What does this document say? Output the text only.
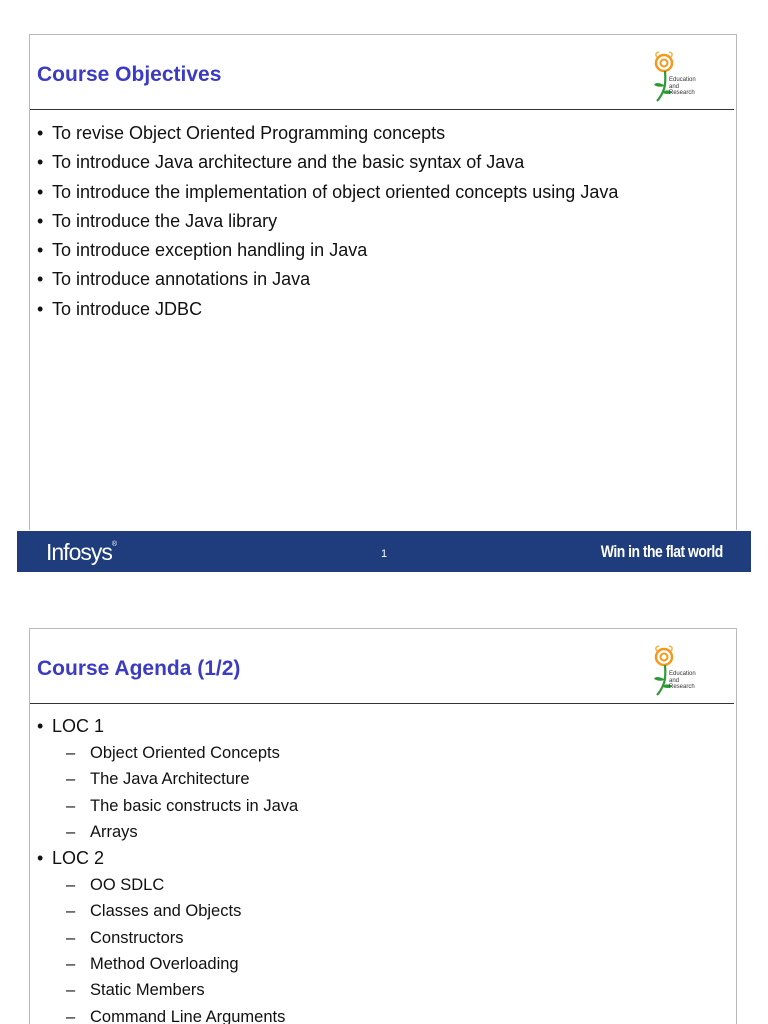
Course Objectives	Education
and
Research
• To revise Object Oriented Programming concepts
• To introduce Java architecture and the basic syntax of Java
• To introduce the implementation of object oriented concepts using Java
• To introduce the Java library
• To introduce exception handling in Java
• To introduce annotations in Java
• To introduce JDBC
Infosys®
1	Win in the flat world
Course Agenda (1/2)	Education
and
Research
• LOC 1
– Object Oriented Concepts
– The Java Architecture
– The basic constructs in Java
– Arrays
• LOC 2
– OO SDLC
– Classes and Objects
– Constructors
– Method Overloading
– Static Members
– Command Line Arguments
